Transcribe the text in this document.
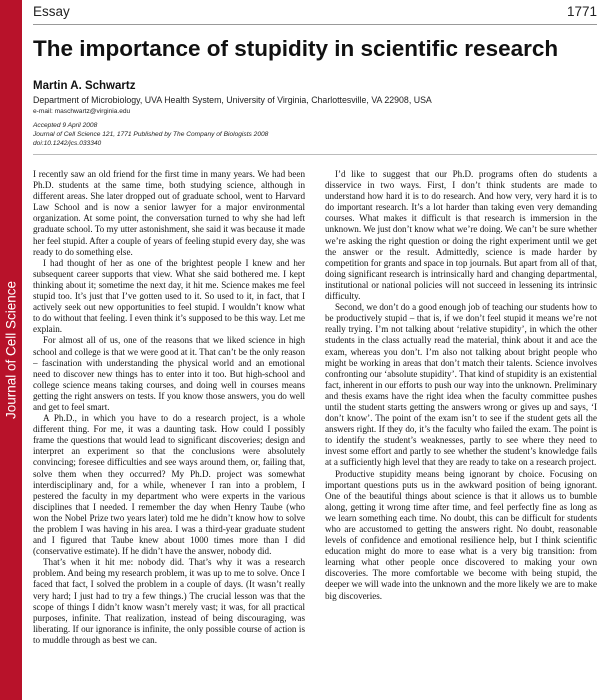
Journal of Cell Science
Essay	1771
The importance of stupidity in scientific research
Martin A. Schwartz
Department of Microbiology, UVA Health System, University of Virginia, Charlottesville, VA 22908, USA
e-mail: maschwartz@virginia.edu
Accepted 9 April 2008
Journal of Cell Science 121, 1771 Published by The Company of Biologists 2008
doi:10.1242/jcs.033340

I recently saw an old friend for the first time in many years. We had been Ph.D. students at the same time, both studying science, although in different areas. She later dropped out of graduate school, went to Harvard Law School and is now a senior lawyer for a major environmental organization. At some point, the conversation turned to why she had left graduate school. To my utter astonishment, she said it was because it made her feel stupid. After a couple of years of feeling stupid every day, she was ready to do something else.

I had thought of her as one of the brightest people I knew and her subsequent career supports that view. What she said bothered me. I kept thinking about it; sometime the next day, it hit me. Science makes me feel stupid too. It’s just that I’ve gotten used to it. So used to it, in fact, that I actively seek out new opportunities to feel stupid. I wouldn’t know what to do without that feeling. I even think it’s supposed to be this way. Let me explain.

For almost all of us, one of the reasons that we liked science in high school and college is that we were good at it. That can’t be the only reason – fascination with understanding the physical world and an emotional need to discover new things has to enter into it too. But high-school and college science means taking courses, and doing well in courses means getting the right answers on tests. If you know those answers, you do well and get to feel smart.

A Ph.D., in which you have to do a research project, is a whole different thing. For me, it was a daunting task. How could I possibly frame the questions that would lead to significant discoveries; design and interpret an experiment so that the conclusions were absolutely convincing; foresee difficulties and see ways around them, or, failing that, solve them when they occurred? My Ph.D. project was somewhat interdisciplinary and, for a while, whenever I ran into a problem, I pestered the faculty in my department who were experts in the various disciplines that I needed. I remember the day when Henry Taube (who won the Nobel Prize two years later) told me he didn’t know how to solve the problem I was having in his area. I was a third-year graduate student and I figured that Taube knew about 1000 times more than I did (conservative estimate). If he didn’t have the answer, nobody did.

That’s when it hit me: nobody did. That’s why it was a research problem. And being my research problem, it was up to me to solve. Once I faced that fact, I solved the problem in a couple of days. (It wasn’t really very hard; I just had to try a few things.) The crucial lesson was that the scope of things I didn’t know wasn’t merely vast; it was, for all practical purposes, infinite. That realization, instead of being discouraging, was liberating. If our ignorance is infinite, the only possible course of action is to muddle through as best we can.

I’d like to suggest that our Ph.D. programs often do students a disservice in two ways. First, I don’t think students are made to understand how hard it is to do research. And how very, very hard it is to do important research. It’s a lot harder than taking even very demanding courses. What makes it difficult is that research is immersion in the unknown. We just don’t know what we’re doing. We can’t be sure whether we’re asking the right question or doing the right experiment until we get the answer or the result. Admittedly, science is made harder by competition for grants and space in top journals. But apart from all of that, doing significant research is intrinsically hard and changing departmental, institutional or national policies will not succeed in lessening its intrinsic difficulty.

Second, we don’t do a good enough job of teaching our students how to be productively stupid – that is, if we don’t feel stupid it means we’re not really trying. I’m not talking about ‘relative stupidity’, in which the other students in the class actually read the material, think about it and ace the exam, whereas you don’t. I’m also not talking about bright people who might be working in areas that don’t match their talents. Science involves confronting our ‘absolute stupidity’. That kind of stupidity is an existential fact, inherent in our efforts to push our way into the unknown. Preliminary and thesis exams have the right idea when the faculty committee pushes until the student starts getting the answers wrong or gives up and says, ‘I don’t know’. The point of the exam isn’t to see if the student gets all the answers right. If they do, it’s the faculty who failed the exam. The point is to identify the student’s weaknesses, partly to see where they need to invest some effort and partly to see whether the student’s knowledge fails at a sufficiently high level that they are ready to take on a research project.

Productive stupidity means being ignorant by choice. Focusing on important questions puts us in the awkward position of being ignorant. One of the beautiful things about science is that it allows us to bumble along, getting it wrong time after time, and feel perfectly fine as long as we learn something each time. No doubt, this can be difficult for students who are accustomed to getting the answers right. No doubt, reasonable levels of confidence and emotional resilience help, but I think scientific education might do more to ease what is a very big transition: from learning what other people once discovered to making your own discoveries. The more comfortable we become with being stupid, the deeper we will wade into the unknown and the more likely we are to make big discoveries.
